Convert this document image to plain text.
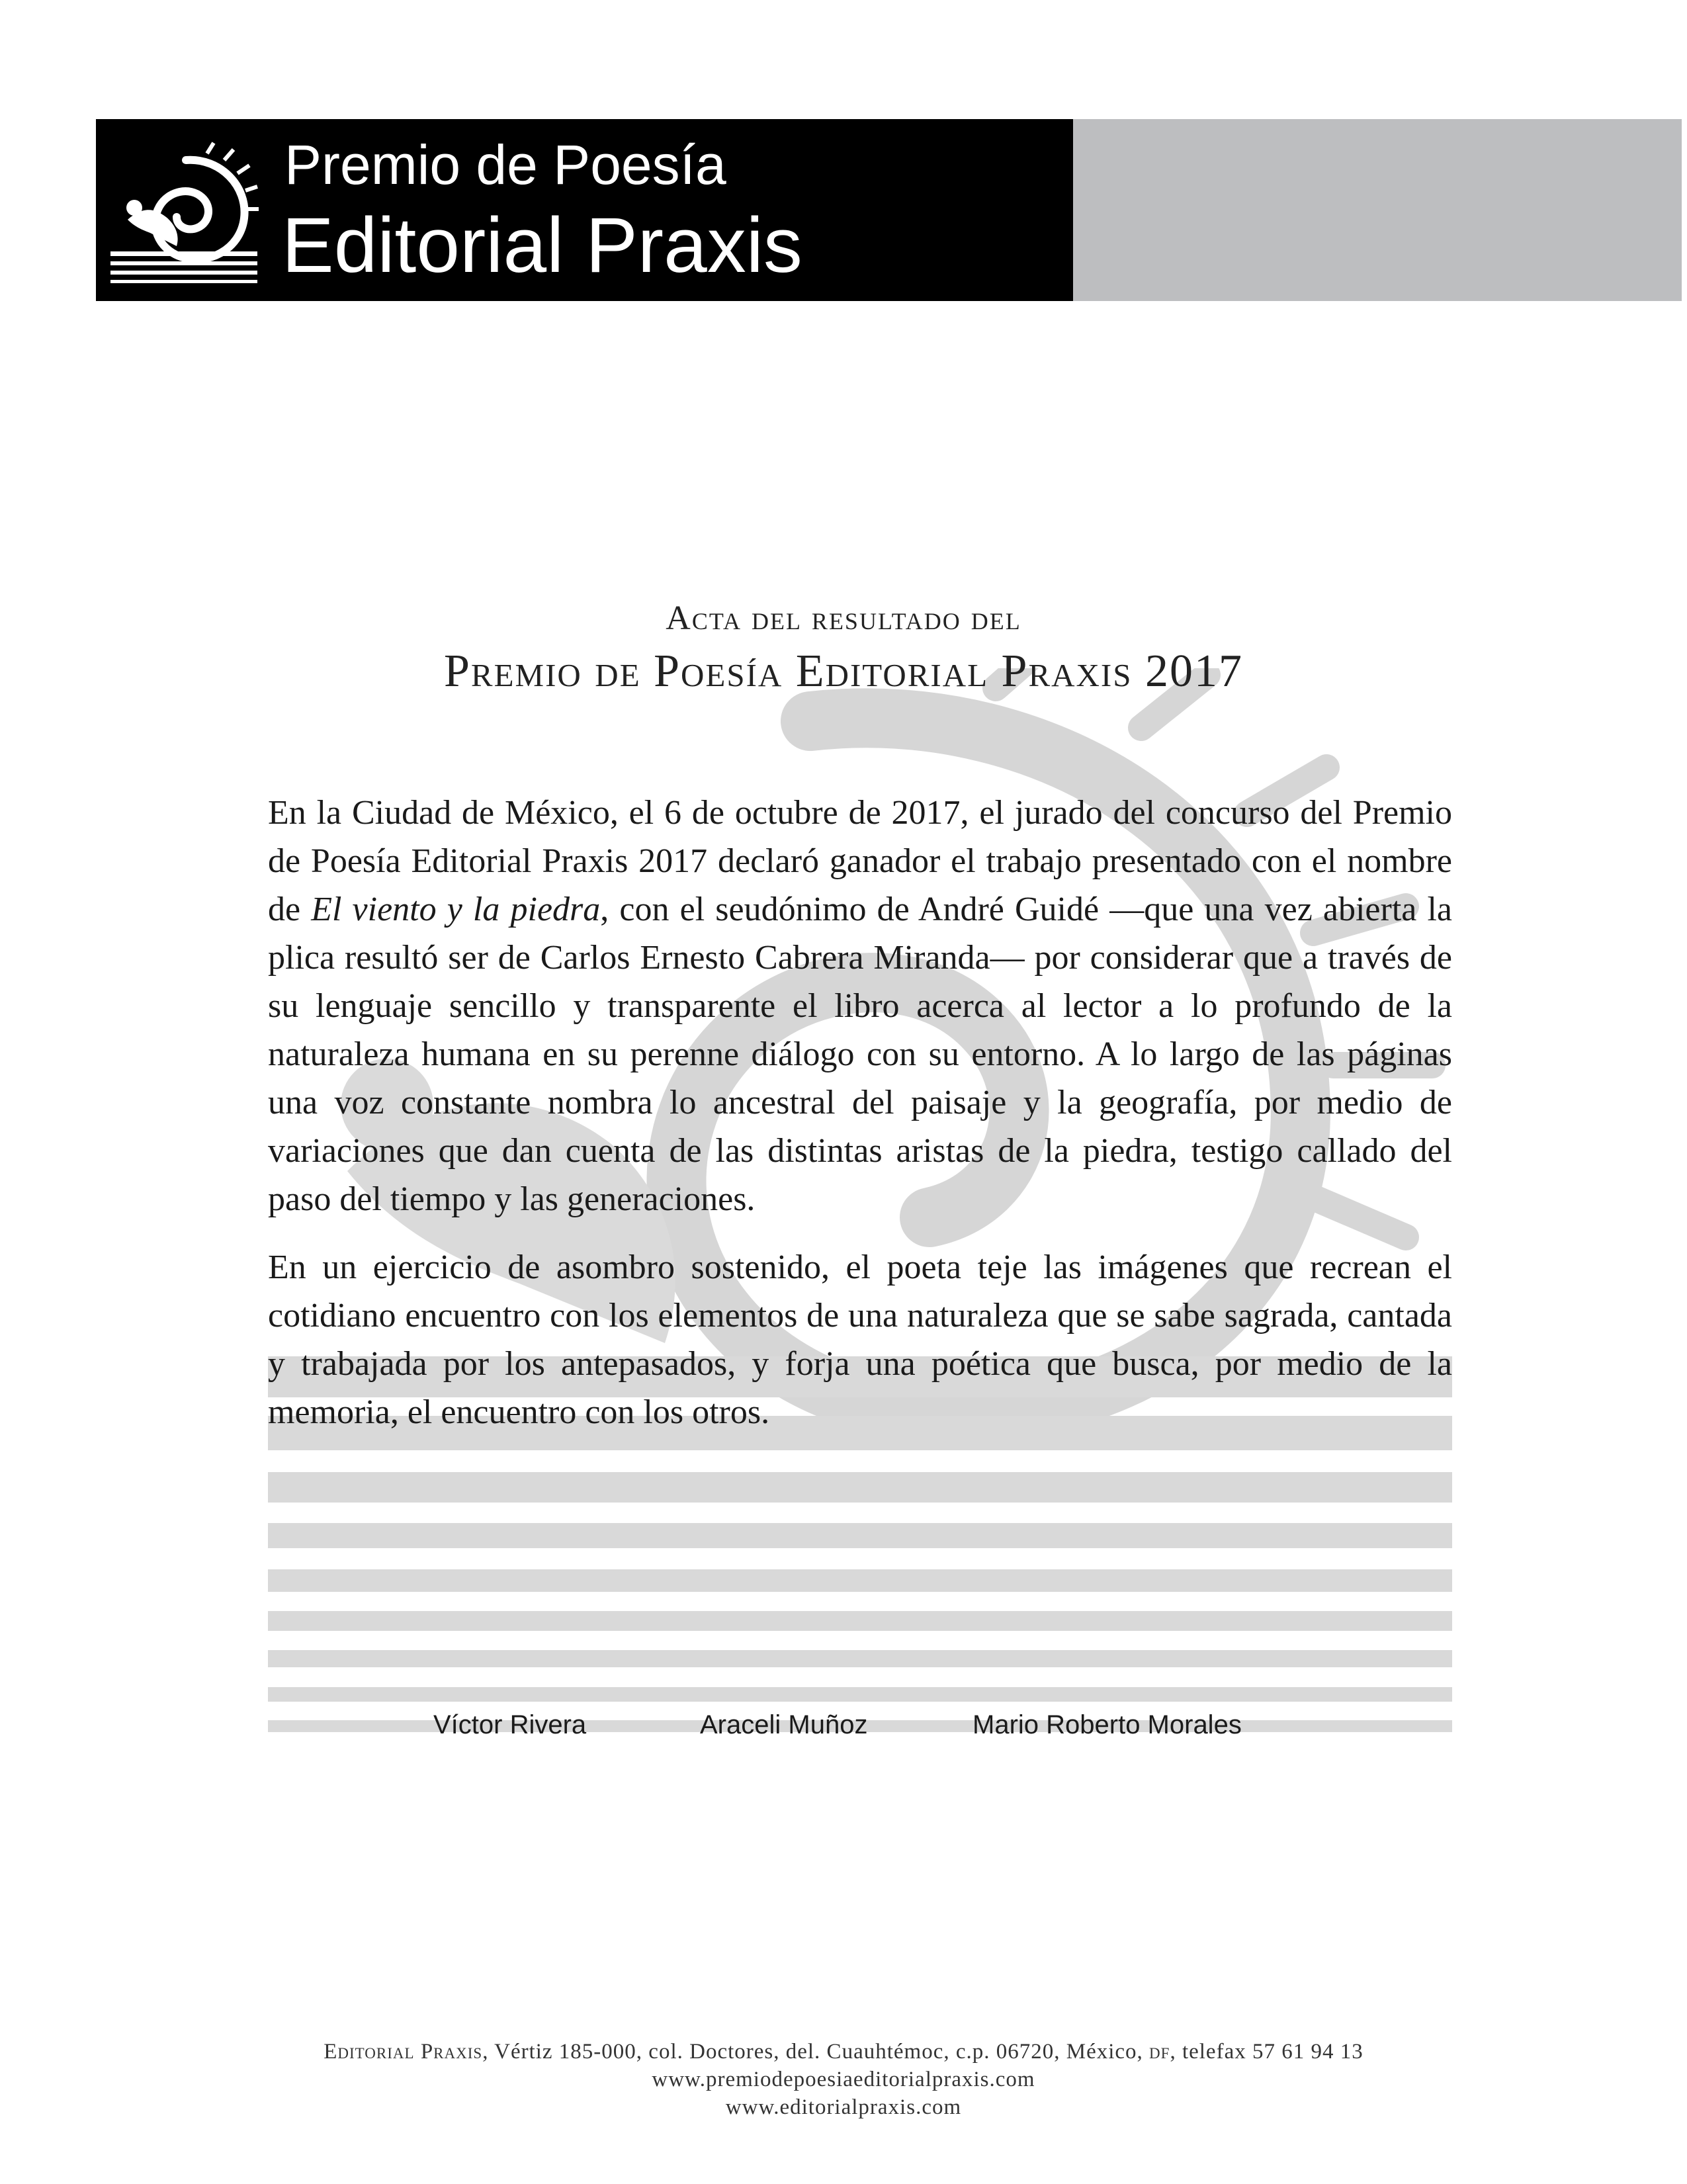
Premio de Poesía
Editorial Praxis
Acta del resultado del
Premio de Poesía Editorial Praxis 2017

En la Ciudad de México, el 6 de octubre de 2017, el jurado del concurso del Premio de Poesía Editorial Praxis 2017 declaró ganador el trabajo presentado con el nombre de El viento y la piedra, con el seudónimo de André Guidé —que una vez abierta la plica resultó ser de Carlos Ernesto Cabrera Miranda— por considerar que a través de su lenguaje sencillo y transparente el libro acerca al lector a lo profundo de la naturaleza humana en su perenne diálogo con su entorno. A lo largo de las páginas una voz constante nombra lo ancestral del paisaje y la geografía, por medio de variaciones que dan cuenta de las distintas aristas de la piedra, testigo callado del paso del tiempo y las generaciones.

En un ejercicio de asombro sostenido, el poeta teje las imágenes que recrean el cotidiano encuentro con los elementos de una naturaleza que se sabe sagrada, cantada y trabajada por los antepasados, y forja una poética que busca, por medio de la memoria, el encuentro con los otros.

Víctor Rivera	Araceli Muñoz	Mario Roberto Morales
Editorial Praxis, Vértiz 185-000, col. Doctores, del. Cuauhtémoc, c.p. 06720, México, df, telefax 57 61 94 13
www.premiodepoesiaeditorialpraxis.com
www.editorialpraxis.com
